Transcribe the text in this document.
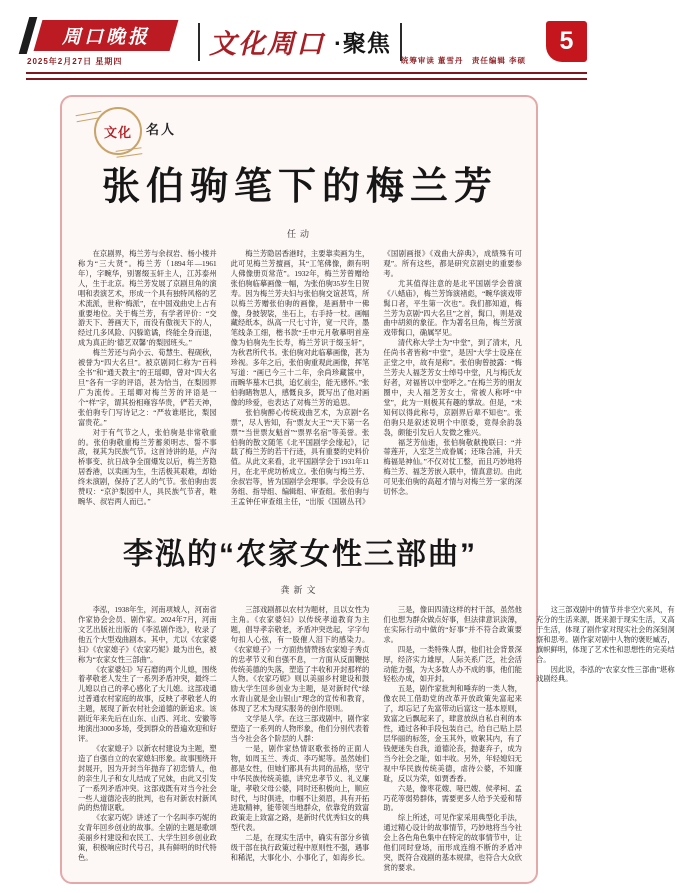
周口晚报
2025年2月27日 星期四
文化周口 ·聚焦
统筹审读 董雪丹　责任编辑 李硕
5
文化 名人
张伯驹笔下的梅兰芳
任动

在京剧界，梅兰芳与余叔岩、杨小楼并称为“三大贤”。梅兰芳（1894年—1961年），字畹华，别署缀玉轩主人，江苏泰州人，生于北京。梅兰芳发展了京剧旦角的演唱和表演艺术，形成一个具有独特风格的艺术流派，世称“梅派”，在中国戏曲史上占有重要地位。关于梅兰芳，有学者评价：“交游天下、善画天下，而没有傲视天下的人，经过几多风险、闪躲诡谲，终能全身而退，成为真正的‘德艺双馨’的梨园班头。”

梅兰芳还与尚小云、荀慧生、程砚秋，被誉为“四大名旦”。被京剧同仁称为“百科全书”和“通天教主”的王瑶卿，曾对“四大名旦”各有一字的评语，甚为恰当，在梨园界广为流传。王瑶卿对梅兰芳的评语是一个“样”字，谓其扮相雍容华贵，俨若天神，张伯驹专门写诗记之：“严妆谁堪比，梨园富贵花。”

对于有气节之人，张伯驹是非常敬重的。张伯驹敬重梅兰芳蓄须明志、誓不事敌，视其为民族气节。这首诗讲的是，卢沟桥事变、抗日战争全面爆发以后，梅兰芳隐居香港，以卖画为生，生活极其艰难，却始终未演剧，保持了艺人的气节。张伯驹由衷赞叹：“京沪梨园中人，具民族气节者，唯畹华、叔岩两人而已。”

梅兰芳隐居香港时，主要靠卖画为生，此可见梅兰芳擅画，其“工笔佛像，颇有明人佛像册页常范”。1932年，梅兰芳曾赠给张伯驹临摹画像一幅，为张伯驹35岁生日贺寿。因为梅兰芳夫妇与张伯驹交谊甚笃，所以梅兰芳赠张伯驹的画像，是画册中一佛像，身披袈裟，坐石上，右手持一杖。画幅藏经纸本，纵高一尺七寸许，宽一尺许，墨笔线条工细，楷书款“壬申元月敬摹明首座像为伯驹先生长寿，梅兰芳识于缀玉轩”，为秋君所代书。张伯驹对此临摹画像，甚为珍视。多年之后，张伯驹重观此画像，挥笔写道：“画已今三十二年，余尚珍藏箧中，而畹华墓木已拱，追忆前尘，能无感怀。”张伯驹睹物思人，感慨良多，既写出了他对画像的珍爱，也表达了对梅兰芳的追思。

张伯驹醉心传统戏曲艺术，为京剧“名票”，尽人皆知，有“票友大王”“天下第一名票”“当世票友魁首”“票界名宿”等美誉。张伯驹的散文随笔《北平国剧学会缘起》，记载了梅兰芳的若干行迹，具有重要的史料价值。从此文来看，北平国剧学会于1931年11月，在北平虎坊桥成立。张伯驹与梅兰芳、余叔岩等，皆为国剧学会理事。学会设有总务组、指导组、编辑组、审查组。张伯驹与王孟钟任审查组主任，“出版《国剧丛刊》《国剧画报》《戏曲大辞典》，成绩殊有可观”。所有这些，都是研究京剧史的重要参考。

尤其值得注意的是北平国剧学会曾演《八蜡庙》，梅兰芳饰演褚彪，“畹华演戏带髯口者，平生第一次也”。我们都知道，梅兰芳为京剧“四大名旦”之首，髯口，则是戏曲中胡须的象征。作为著名旦角，梅兰芳演戏带髯口，确属罕见。

清代称大学士为“中堂”，到了清末，凡任尚书者皆称“中堂”，是因“大学士设座在正堂之中，故有是称”。张伯驹曾披露：“梅兰芳夫人福芝芳女士绰号中堂，凡与梅氏友好者，对福皆以中堂呼之。”在梅兰芳的朋友圈中，夫人福芝芳女士，常被人称呼“中堂”，此为一则极其有趣的掌故。但是，“未知何以得此称号，京剧界后辈不知也”。张伯驹只是叙述说明个中原委，竟得余韵袅袅，颇能引发后人发微之雅兴。

福芝芳仙逝，张伯驹敬献挽联曰：“并蒂莲开，入室芝兰成眷属；还珠合浦，升天梅福是神仙。”不仅对仗工整，而且巧妙地将梅兰芳、福芝芳嵌入联中，情真意切。由此可见张伯驹的高超才情与对梅兰芳一家的深切怀念。

李泓的“农家女性三部曲”
龚新文

李泓，1938年生，河南项城人，河南省作家协会会员、剧作家。2024年7月，河南文艺出版社出版的《李泓剧作选》，收录了他五个大型戏曲剧本。其中，尤以《农家婆妇》《农家媳子》《农家巧妮》最为出色，被称为“农家女性三部曲”。

《农家婆妇》写石磨的两个儿媳，围绕着孝敬老人发生了一系列矛盾冲突，最终二儿媳以自己的孝心感化了大儿媳。这部戏通过普通农村家庭的故事，反映了孝敬老人的主题，展现了新农村社会道德的新追求。该剧近年来先后在山东、山西、河北、安徽等地演出3000多场，受到群众的普遍欢迎和好评。

《农家媳子》以新农村建设为主题，塑造了自强自立的农家媳妇形象。故事围绕开封展开，因为开封当年抛弃了初恋情人，他的亲生儿子和女儿结成了兄妹，由此又引发了一系列矛盾冲突。这部戏既有对当今社会一些人道德沦丧的批判，也有对新农村新风尚的热情讴歌。

《农家巧妮》讲述了一个名叫李巧妮的女青年回乡创业的故事。全剧的主题是歌颂美丽乡村建设和农民工、大学生回乡创业政策，积极响应时代号召，具有鲜明的时代特色。

三部戏剧都以农村为题材，且以女性为主角。《农家婆妇》以传统孝道教育为主题，倡导孝亲敬老，矛盾冲突迭起，字字句句扣人心弦，有一股催人泪下的感染力。《农家媳子》一方面热情赞扬农家媳子秀贞的忠孝节义和自强不息，一方面从反面鞭挞传统美德的失落，塑造了丰收和开封那样的人物。《农家巧妮》则以美丽乡村建设和鼓励大学生回乡创业为主题，是对新时代“绿水青山就是金山银山”理念的宣传和教育，体现了艺术为现实服务的创作原则。

文学是人学。在这三部戏剧中，剧作家塑造了一系列的人物形象，他们分别代表着当今社会各个阶层的人群：

一是，剧作家热情讴歌张扬的正面人物，如周玉兰、秀贞、李巧妮等。虽然她们都是女性，但她们都具有共同的品格，坚守中华民族传统美德，讲究忠孝节义、礼义廉耻，孝敬父母公婆，同时还积极向上，顺应时代，与时俱进，巾帼不让须眉，具有开拓进取精神，能带领当地群众，依靠党的致富政策走上致富之路，是新时代优秀妇女的典型代表。

二是，在现实生活中，确实有部分乡镇级干部在执行政策过程中原则性不强，遇事和稀泥，大事化小、小事化了，如海乡长。

三是，像田四清这样的村干部，虽然他们也想为群众做点好事，但法律意识淡薄，在实际行动中做的“好事”并不符合政策要求。

四是，一类特殊人群，他们社会背景深厚，经济实力雄厚，人际关系广泛，社会活动能力强，为大多数人办不成的事，他们能轻松办成，如开封。

五是，剧作家批判和唾弃的一类人物，像农民工借助党的改革开放政策先富起来了，却忘记了先富带动后富这一基本原则，致富之后飘起来了，肆意放纵自私自利的本性，通过各种手段包装自己，给自己贴上层层华丽的标签，金玉其外，败絮其内，有了钱便迷失自我，道德沦丧，抛妻弃子，成为当今社会之耻，如丰收。另外，年轻媳妇无视中华民族传统美德，虐待公婆，不知廉耻，反以为荣，如贾香香。

六是，像枣花嫂、哑巴嫂、侯孝柯、孟巧花等弱势群体，需要更多人给予关爱和帮助。

综上所述，可见作家采用典型化手法，通过精心设计的故事情节，巧妙地将当今社会上各色角色集中在特定的故事情节中，让他们同时登场，而形成连绵不断的矛盾冲突，既符合戏剧的基本规律，也符合大众欣赏的要求。

这三部戏剧中的情节并非空穴来风，有充分的生活来源，既来源于现实生活，又高于生活，体现了剧作家对现实社会的深刻洞察和思考。剧作家对剧中人物的褒贬臧否，旗帜鲜明，体现了艺术性和思想性的完美结合。

因此说，李泓的“农家女性三部曲”堪称戏剧经典。
